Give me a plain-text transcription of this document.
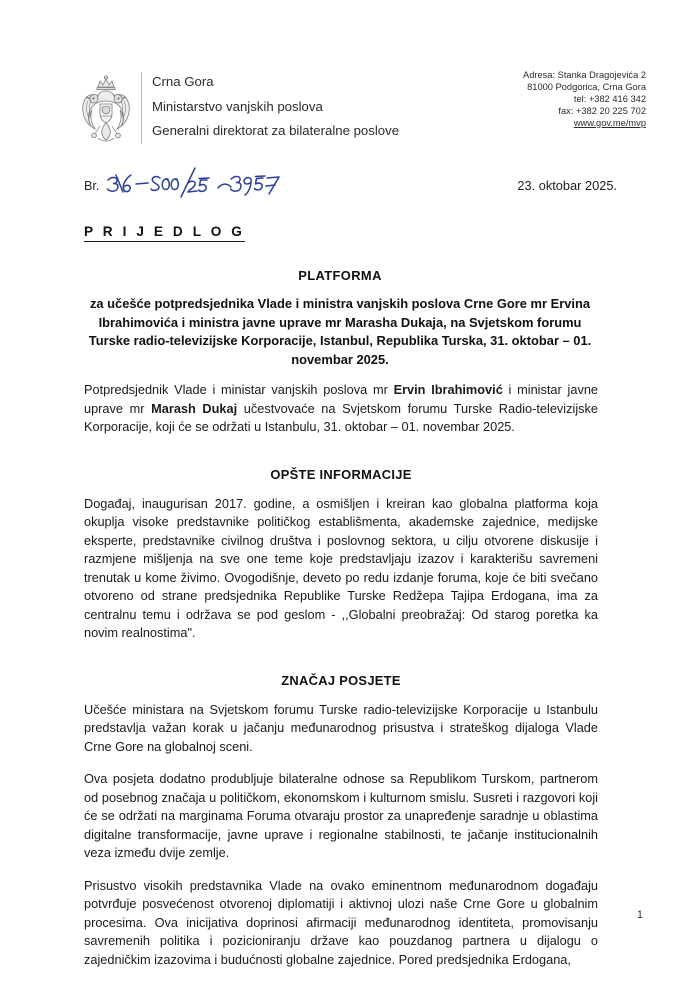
Crna Gora
Ministarstvo vanjskih poslova
Generalni direktorat za bilateralne poslove
Adresa: Stanka Dragojevića 2
81000 Podgorica, Crna Gora
tel: +382 416 342
fax: +382 20 225 702
www.gov.me/mvp
Br.	23. oktobar 2025.
P R I J E D L O G
PLATFORMA
za učešće potpredsjednika Vlade i ministra vanjskih poslova Crne Gore mr Ervina Ibrahimovića i ministra javne uprave mr Marasha Dukaja, na Svjetskom forumu Turske radio-televizijske Korporacije, Istanbul, Republika Turska, 31. oktobar – 01. novembar 2025.

Potpredsjednik Vlade i ministar vanjskih poslova mr Ervin Ibrahimović i ministar javne uprave mr Marash Dukaj učestvovaće na Svjetskom forumu Turske Radio-televizijske Korporacije, koji će se održati u Istanbulu, 31. oktobar – 01. novembar 2025.

OPŠTE INFORMACIJE

Događaj, inaugurisan 2017. godine, a osmišljen i kreiran kao globalna platforma koja okuplja visoke predstavnike političkog establišmenta, akademske zajednice, medijske eksperte, predstavnike civilnog društva i poslovnog sektora, u cilju otvorene diskusije i razmjene mišljenja na sve one teme koje predstavljaju izazov i karakterišu savremeni trenutak u kome živimo. Ovogodišnje, deveto po redu izdanje foruma, koje će biti svečano otvoreno od strane predsjednika Republike Turske Redžepa Tajipa Erdogana, ima za centralnu temu i održava se pod geslom - ,,Globalni preobražaj: Od starog poretka ka novim realnostima".

ZNAČAJ POSJETE

Učešće ministara na Svjetskom forumu Turske radio-televizijske Korporacije u Istanbulu predstavlja važan korak u jačanju međunarodnog prisustva i strateškog dijaloga Vlade Crne Gore na globalnoj sceni.

Ova posjeta dodatno produbljuje bilateralne odnose sa Republikom Turskom, partnerom od posebnog značaja u političkom, ekonomskom i kulturnom smislu. Susreti i razgovori koji će se održati na marginama Foruma otvaraju prostor za unapređenje saradnje u oblastima digitalne transformacije, javne uprave i regionalne stabilnosti, te jačanje institucionalnih veza između dvije zemlje.

Prisustvo visokih predstavnika Vlade na ovako eminentnom međunarodnom događaju potvrđuje posvećenost otvorenoj diplomatiji i aktivnoj ulozi naše Crne Gore u globalnim procesima. Ova inicijativa doprinosi afirmaciji međunarodnog identiteta, promovisanju savremenih politika i pozicioniranju države kao pouzdanog partnera u dijalogu o zajedničkim izazovima i budućnosti globalne zajednice. Pored predsjednika Erdogana,

1
